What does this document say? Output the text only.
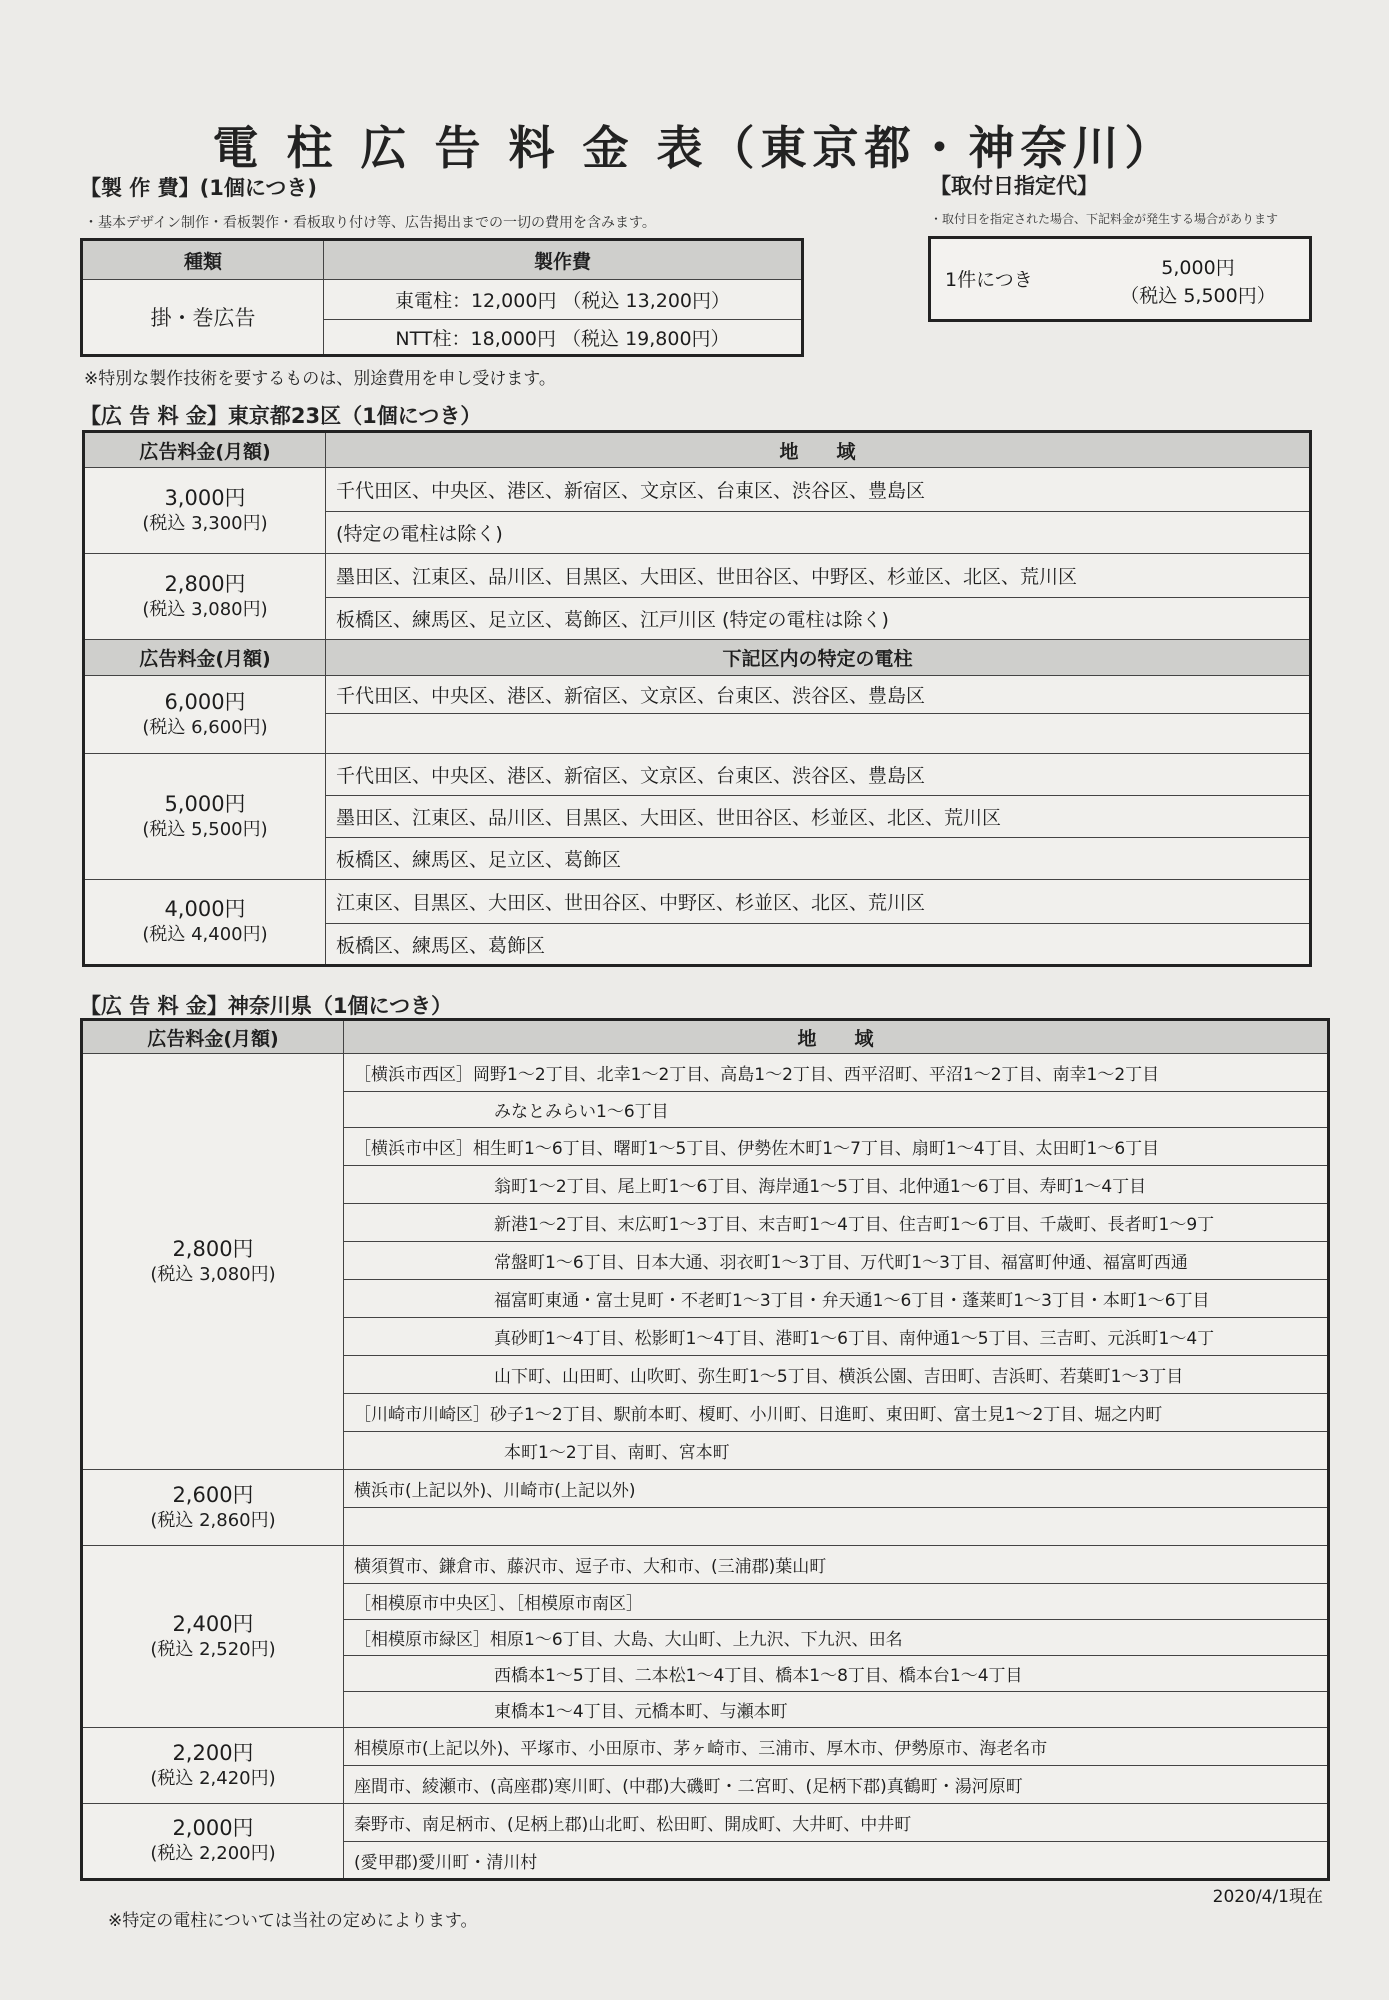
電 柱 広 告 料 金 表（東京都・神奈川）
【製 作 費】(1個につき)
・基本デザイン制作・看板製作・看板取り付け等、広告掲出までの一切の費用を含みます。
種類	製作費
掛・巻広告	東電柱：12,000円 （税込 13,200円）
	NTT柱：18,000円 （税込 19,800円）
※特別な製作技術を要するものは、別途費用を申し受けます。
【取付日指定代】
・取付日を指定された場合、下記料金が発生する場合があります
1件につき
5,000円
（税込 5,500円）
【広 告 料 金】東京都23区（1個につき）
広告料金(月額)	地　　域
3,000円
(税込 3,300円)	千代田区、中央区、港区、新宿区、文京区、台東区、渋谷区、豊島区
	(特定の電柱は除く)
2,800円
(税込 3,080円)	墨田区、江東区、品川区、目黒区、大田区、世田谷区、中野区、杉並区、北区、荒川区
	板橋区、練馬区、足立区、葛飾区、江戸川区 (特定の電柱は除く)
広告料金(月額)	下記区内の特定の電柱
6,000円
(税込 6,600円)	千代田区、中央区、港区、新宿区、文京区、台東区、渋谷区、豊島区

5,000円
(税込 5,500円)	千代田区、中央区、港区、新宿区、文京区、台東区、渋谷区、豊島区
	墨田区、江東区、品川区、目黒区、大田区、世田谷区、杉並区、北区、荒川区
	板橋区、練馬区、足立区、葛飾区
4,000円
(税込 4,400円)	江東区、目黒区、大田区、世田谷区、中野区、杉並区、北区、荒川区
	板橋区、練馬区、葛飾区
【広 告 料 金】神奈川県（1個につき）
広告料金(月額)	地　　域
2,800円
(税込 3,080円)	［横浜市西区］岡野1～2丁目、北幸1～2丁目、高島1～2丁目、西平沼町、平沼1～2丁目、南幸1～2丁目
	みなとみらい1～6丁目
	［横浜市中区］相生町1～6丁目、曙町1～5丁目、伊勢佐木町1～7丁目、扇町1～4丁目、太田町1～6丁目
	翁町1～2丁目、尾上町1～6丁目、海岸通1～5丁目、北仲通1～6丁目、寿町1～4丁目
	新港1～2丁目、末広町1～3丁目、末吉町1～4丁目、住吉町1～6丁目、千歳町、長者町1～9丁
	常盤町1～6丁目、日本大通、羽衣町1～3丁目、万代町1～3丁目、福富町仲通、福富町西通
	福富町東通・富士見町・不老町1～3丁目・弁天通1～6丁目・蓬莱町1～3丁目・本町1～6丁目
	真砂町1～4丁目、松影町1～4丁目、港町1～6丁目、南仲通1～5丁目、三吉町、元浜町1～4丁
	山下町、山田町、山吹町、弥生町1～5丁目、横浜公園、吉田町、吉浜町、若葉町1～3丁目
	［川崎市川崎区］砂子1～2丁目、駅前本町、榎町、小川町、日進町、東田町、富士見1～2丁目、堀之内町
	本町1～2丁目、南町、宮本町
2,600円
(税込 2,860円)	横浜市(上記以外)、川崎市(上記以外)

2,400円
(税込 2,520円)	横須賀市、鎌倉市、藤沢市、逗子市、大和市、(三浦郡)葉山町
	［相模原市中央区］、［相模原市南区］
	［相模原市緑区］相原1～6丁目、大島、大山町、上九沢、下九沢、田名
	西橋本1～5丁目、二本松1～4丁目、橋本1～8丁目、橋本台1～4丁目
	東橋本1～4丁目、元橋本町、与瀬本町
2,200円
(税込 2,420円)	相模原市(上記以外)、平塚市、小田原市、茅ヶ崎市、三浦市、厚木市、伊勢原市、海老名市
	座間市、綾瀬市、(高座郡)寒川町、(中郡)大磯町・二宮町、(足柄下郡)真鶴町・湯河原町
2,000円
(税込 2,200円)	秦野市、南足柄市、(足柄上郡)山北町、松田町、開成町、大井町、中井町
	(愛甲郡)愛川町・清川村
2020/4/1現在
※特定の電柱については当社の定めによります。
